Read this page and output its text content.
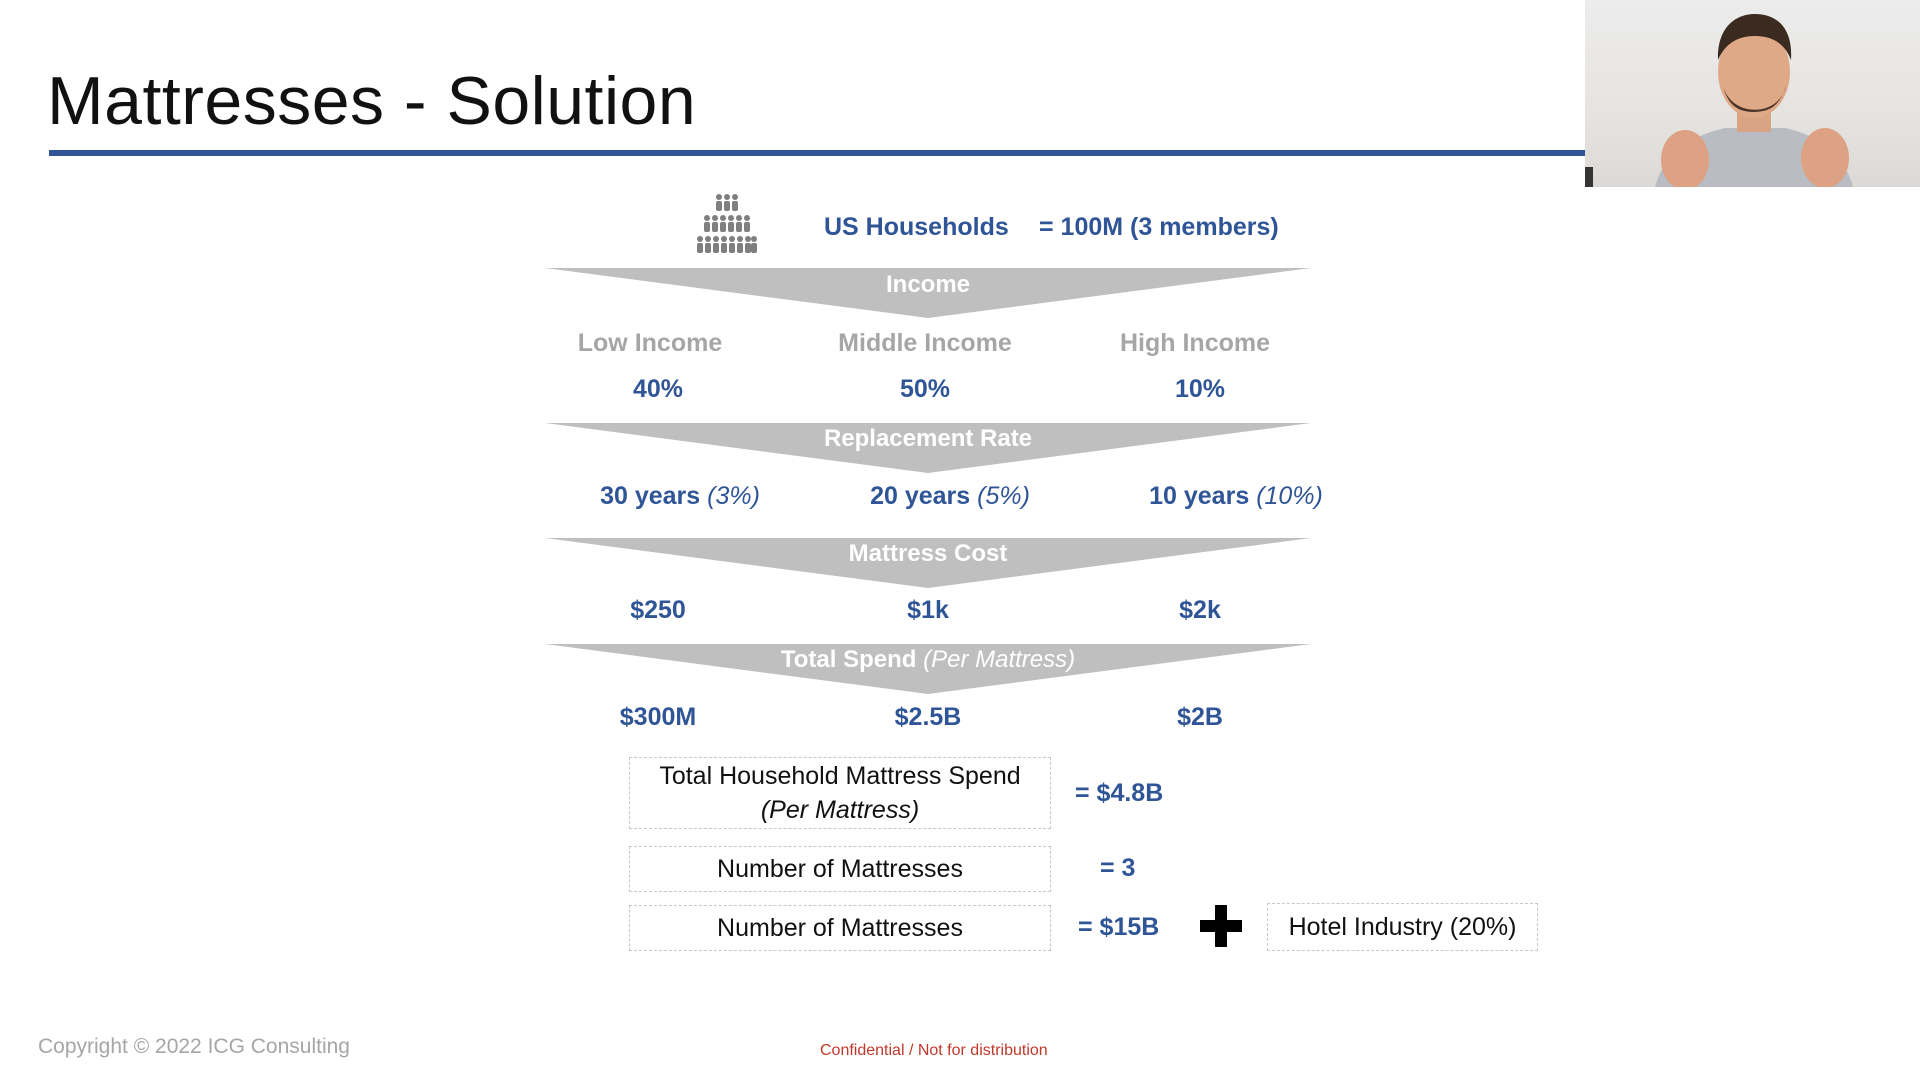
Mattresses - Solution
US Households = 100M (3 members)
Income
Low Income	Middle Income	High Income
40%	50%	10%
Replacement Rate
30 years (3%)	20 years (5%)	10 years (10%)
Mattress Cost
$250	$1k	$2k
Total Spend (Per Mattress)
$300M	$2.5B	$2B
Total Household Mattress Spend
(Per Mattress)
= $4.8B
Number of Mattresses	= 3
Number of Mattresses	= $15B	Hotel Industry (20%)
Copyright © 2022 ICG Consulting	Confidential / Not for distribution
